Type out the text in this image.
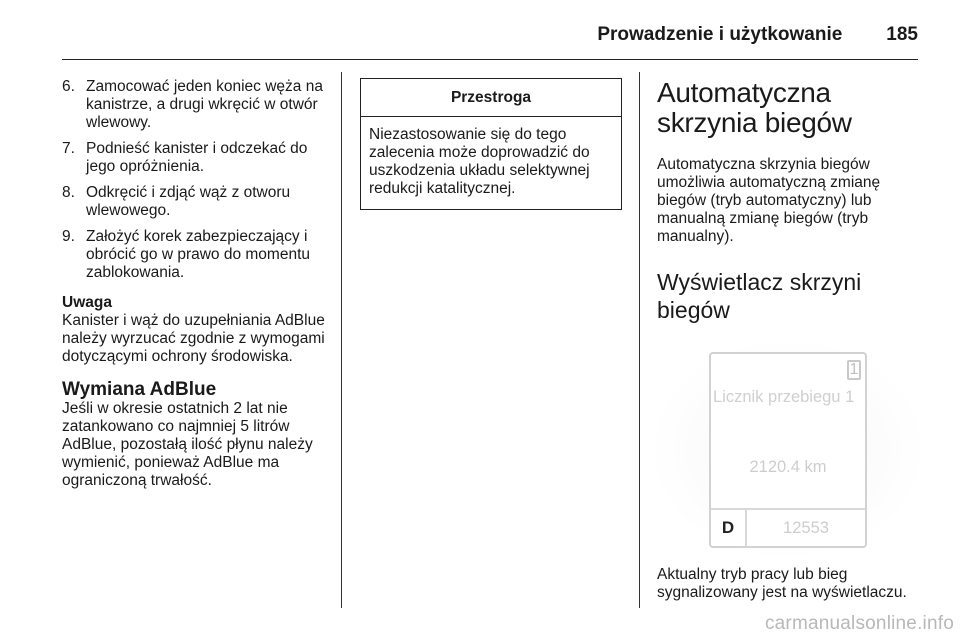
Prowadzenie i użytkowanie 185
6. Zamocować jeden koniec węża na kanistrze, a drugi wkręcić w otwór wlewowy.
7. Podnieść kanister i odczekać do jego opróżnienia.
8. Odkręcić i zdjąć wąż z otworu wlewowego.
9. Założyć korek zabezpieczający i obrócić go w prawo do momentu zablokowania.
Uwaga
Kanister i wąż do uzupełniania AdBlue należy wyrzucać zgodnie z wymogami dotyczącymi ochrony środowiska.
Wymiana AdBlue
Jeśli w okresie ostatnich 2 lat nie zatankowano co najmniej 5 litrów AdBlue, pozostałą ilość płynu należy wymienić, ponieważ AdBlue ma ograniczoną trwałość.
Przestroga
Niezastosowanie się do tego zalecenia może doprowadzić do uszkodzenia układu selektywnej redukcji katalitycznej.
Automatyczna skrzynia biegów
Automatyczna skrzynia biegów umożliwia automatyczną zmianę biegów (tryb automatyczny) lub manualną zmianę biegów (tryb manualny).
Wyświetlacz skrzyni biegów
1
Licznik przebiegu 1
2120.4 km
D	12553
Aktualny tryb pracy lub bieg sygnalizowany jest na wyświetlaczu.
carmanualsonline.info
